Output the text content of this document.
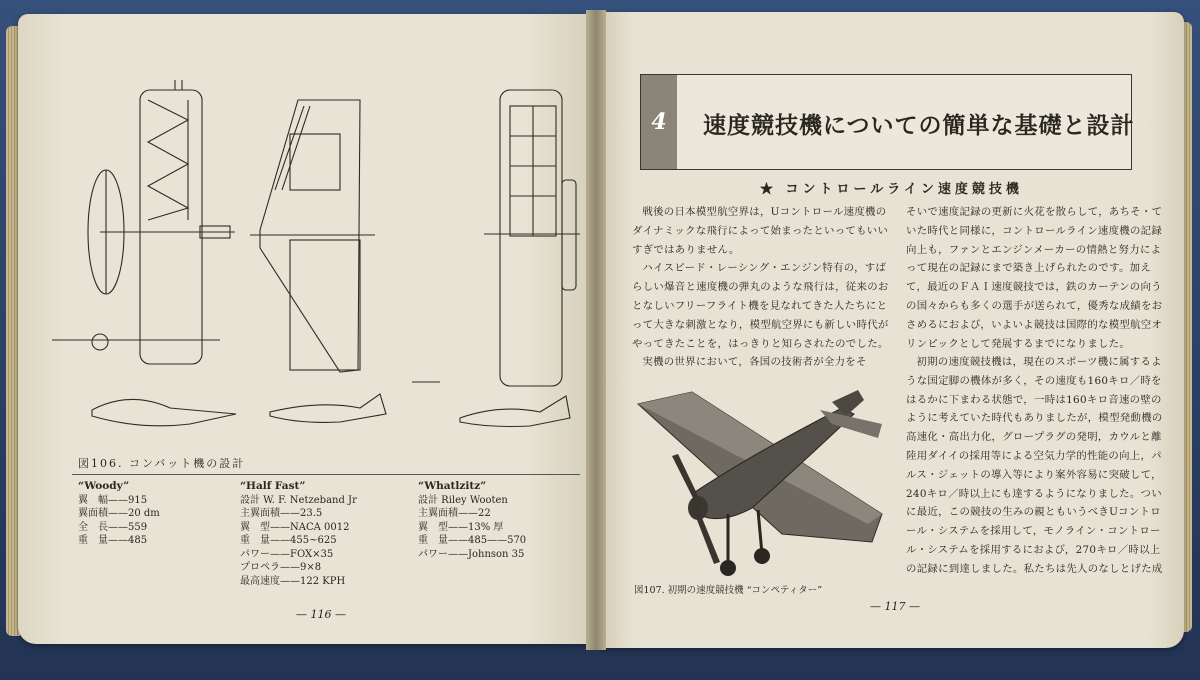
図106. コンバット機の設計
“Woody”
翼　幅——915
翼面積——20 dm
全　長——559
重　量——485
“Half Fast”
設計 W. F. Netzeband Jr
主翼面積——23.5
翼　型——NACA 0012
重　量——455~625
パワー——FOX×35
プロペラ——9×8
最高速度——122 KPH
“Whatlzitz”
設計 Riley Wooten
主翼面積——22
翼　型——13% 厚
重　量——485——570
パワー——Johnson 35
— 116 —
4	速度競技機についての簡単な基礎と設計
★ コントロールライン速度競技機

戦後の日本模型航空界は，Uコントロール速度機のダイナミックな飛行によって始まったといってもいいすぎではありません。

ハイスピード・レーシング・エンジン特有の，すばらしい爆音と速度機の弾丸のような飛行は，従来のおとなしいフリーフライト機を見なれてきた人たちにとって大きな刺激となり，模型航空界にも新しい時代がやってきたことを，はっきりと知らされたのでした。

実機の世界において，各国の技術者が全力をそ

そいで速度記録の更新に火花を散らして，あちそ・ていた時代と同様に，コントロールライン速度機の記録向上も，ファンとエンジンメーカーの情熱と努力によって現在の記録にまで築き上げられたのです。加えて，最近のＦＡＩ速度競技では，鉄のカーテンの向うの国々からも多くの選手が送られて，優秀な成績をおさめるにおよび，いよいよ競技は国際的な模型航空オリンピックとして発展するまでになりました。

初期の速度競技機は，現在のスポーツ機に属するような国定脚の機体が多く，その速度も160キロ／時をはるかに下まわる状態で，一時は160キロ音速の壁のように考えていた時代もありましたが，模型発動機の高速化・高出力化，グロープラグの発明，カウルと離陸用ダイイの採用等による空気力学的性能の向上，パルス・ジェットの導入等により案外容易に突破して，240キロ／時以上にも達するようになりました。ついに最近，この競技の生みの親ともいうべきUコントロール・システムを採用して，モノライン・コントロール・システムを採用するにおよび，270キロ／時以上の記録に到達しました。私たちは先人のなしとげた成

図107. 初期の速度競技機 “コンペティター”
— 117 —
